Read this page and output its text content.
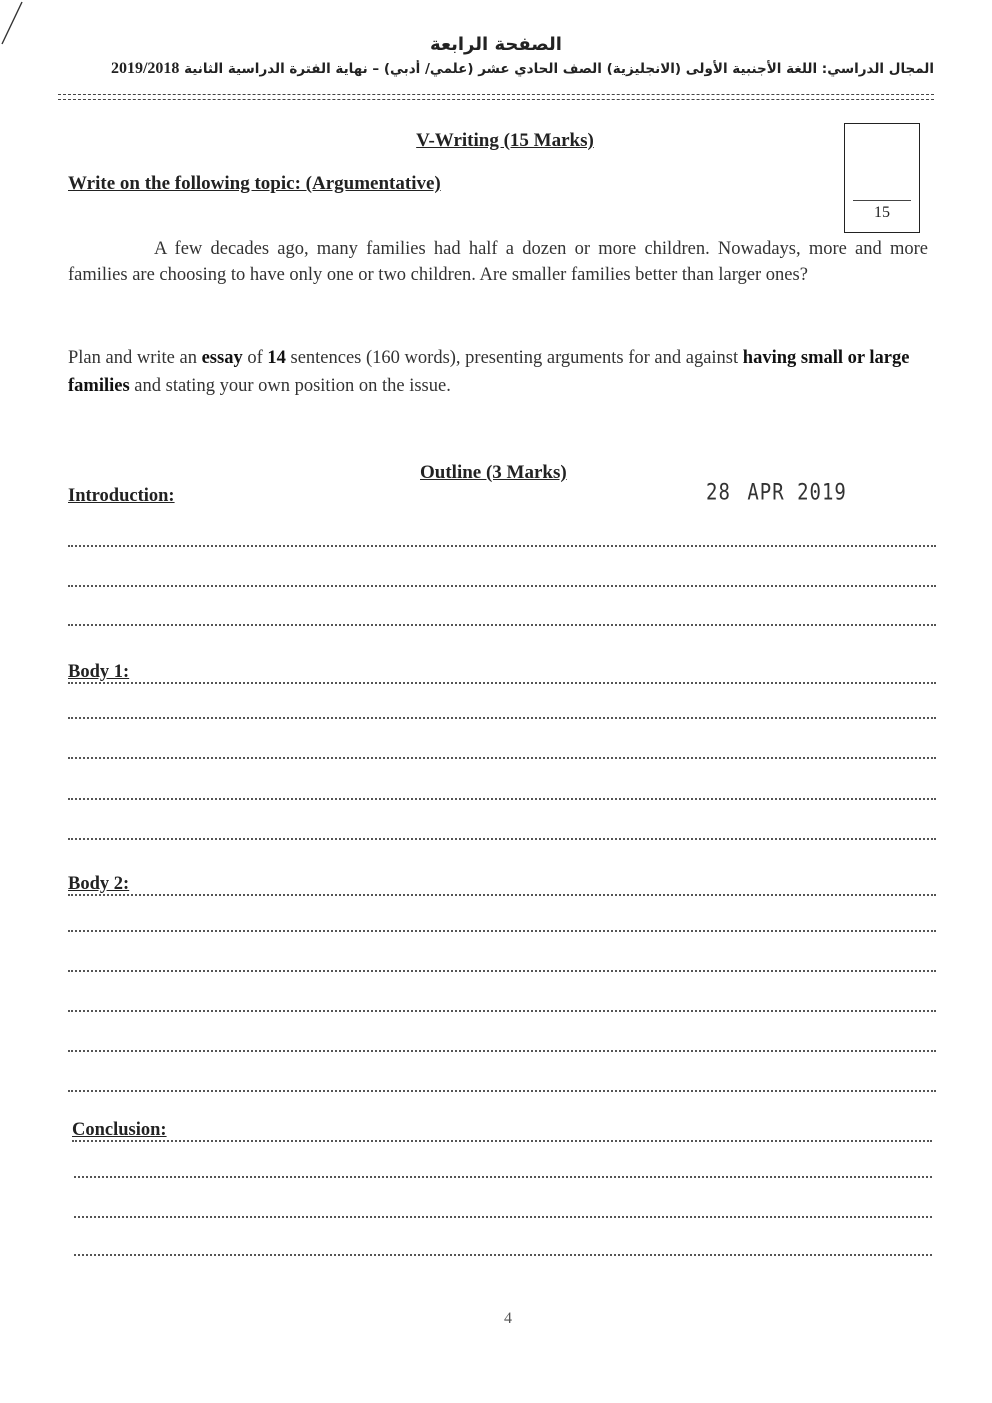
الصفحة الرابعة
المجال الدراسي: اللغة الأجنبية الأولى (الانجليزية) الصف الحادي عشر (علمي/ أدبي) – نهاية الفترة الدراسية الثانية 2019/2018
V-Writing (15 Marks)
15
Write on the following topic: (Argumentative)
A few decades ago, many families had half a dozen or more children. Nowadays, more and more families are choosing to have only one or two children. Are smaller families better than larger ones?
Plan and write an essay of 14 sentences (160 words), presenting arguments for and against having small or large families and stating your own position on the issue.
Outline (3 Marks)
28 APR 2019
Introduction:
Body 1:
Body 2:
Conclusion:
4
